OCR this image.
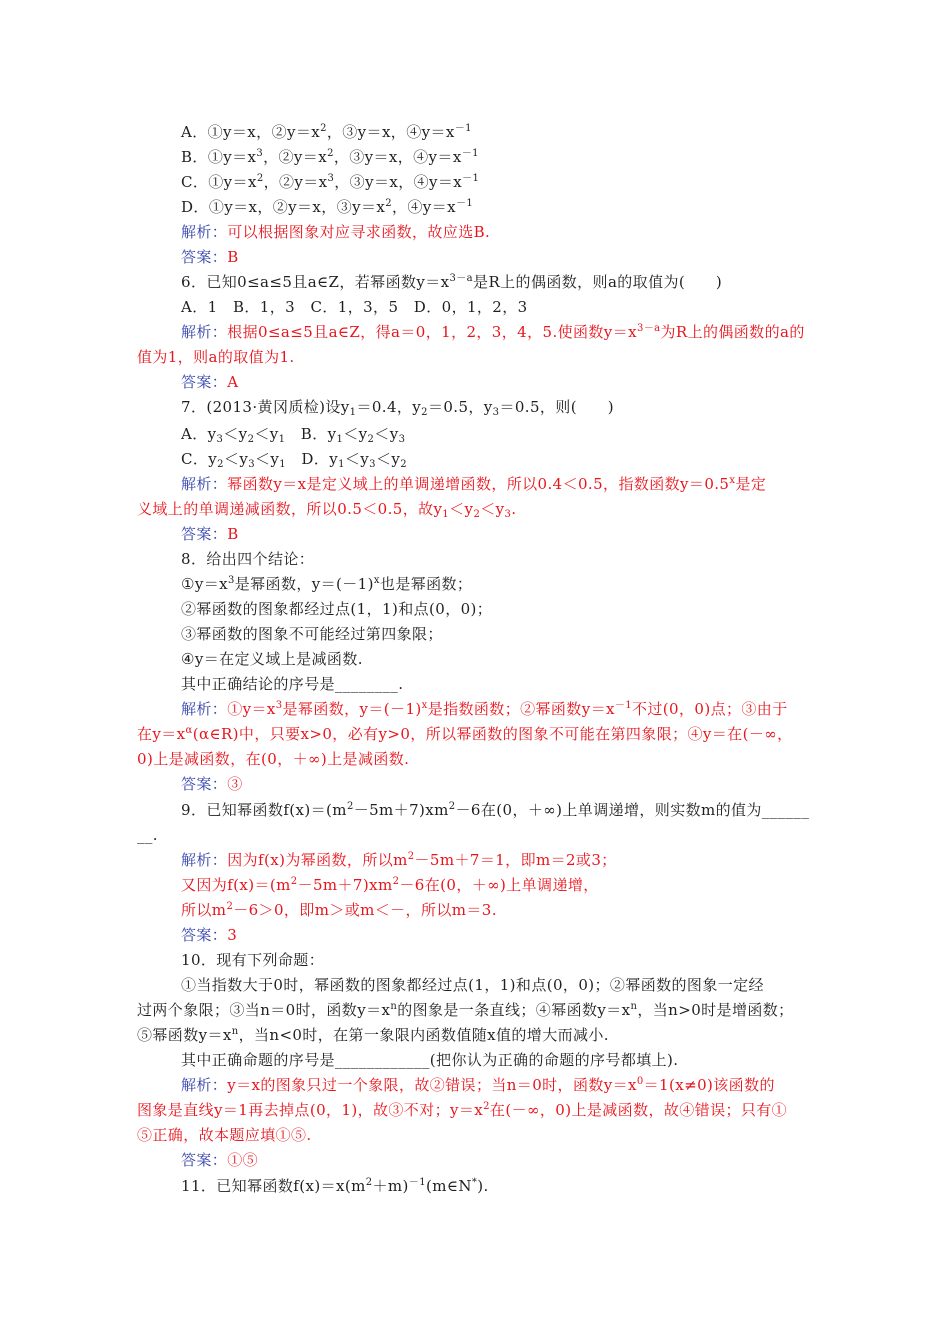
A．①y＝x，$②y=x^2$，③y＝x，$④y=x^{-1}$
B．$①y=x^3$，$②y=x^2$，③y＝x，$④y=x^{-1}$
C．$①y=x^2$，$②y=x^3$，③y＝x，$④y=x^{-1}$
D．①y＝x，②y＝x，$③y=x^2$，$④y=x^{-1}$
解析：可以根据图象对应寻求函数，故应选B.
答案：B
6．已知0≤a≤5且a∈Z，若幂函数$y=x^{3-a}$是R上的偶函数，则a的取值为(　　)
A．1　B．1，3　C．1，3，5　D．0，1，2，3
解析：根据0≤a≤5且a∈Z，得a＝0，1，2，3，4，5.使函数$y=x^{3-a}$为R上的偶函数的a的
值为1，则a的取值为1.
答案：A
7．(2013·黄冈质检)设$y_1=0.4$，$y_2=0.5$，$y_3=0.5$，则(　　)
A．$y_3<y_2<y_1$　B．$y_1<y_2<y_3$
C．$y_2<y_3<y_1$　D．$y_1<y_3<y_2$
解析：幂函数y＝x是定义域上的单调递增函数，所以0.4＜0.5，指数函数$y=0.5^x$是定
义域上的单调递减函数，所以0.5＜0.5，故$y_1<y_2<y_3$.
答案：B
8．给出四个结论：
$①y=x^3$是幂函数，$y=(-1)^x$也是幂函数；
②幂函数的图象都经过点(1，1)和点(0，0)；
③幂函数的图象不可能经过第四象限；
④y＝在定义域上是减函数.
其中正确结论的序号是________.
解析：$①y=x^3$是幂函数，$y=(-1)^x$是指数函数；②幂函数$y=x^{-1}$不过(0，0)点；③由于
在$y=x^\alpha(\alpha\in R)$中，只要x>0，必有y>0，所以幂函数的图象不可能在第四象限；④y＝在(－∞，
0)上是减函数，在(0，＋∞)上是减函数.
答案：③
9．已知幂函数$f(x)=(m^2-5m+7)xm^2-6$在(0，＋∞)上单调递增，则实数m的值为______
__.
解析：因为f(x)为幂函数，所以$m^2-5m+7=1$，即m＝2或3；
又因为$f(x)=(m^2-5m+7)xm^2-6$在(0，＋∞)上单调递增，
所以$m^2-6>0$，即m＞或m＜－，所以m＝3.
答案：3
10．现有下列命题：
①当指数大于0时，幂函数的图象都经过点(1，1)和点(0，0)；②幂函数的图象一定经
过两个象限；③当n＝0时，函数$y=x^n$的图象是一条直线；④幂函数$y=x^n$，当n>0时是增函数；
⑤幂函数$y=x^n$，当n<0时，在第一象限内函数值随x值的增大而减小.
其中正确命题的序号是____________(把你认为正确的命题的序号都填上).
解析：y＝x的图象只过一个象限，故②错误；当n＝0时，函数$y=x^0=1(x\ne 0)$该函数的
图象是直线y＝1再去掉点(0，1)，故③不对；$y=x^2$在(－∞，0)上是减函数，故④错误；只有①
⑤正确，故本题应填①⑤.
答案：①⑤
11．已知幂函数$f(x)=x(m^2+m)^{-1}(m\in N^*)$.
